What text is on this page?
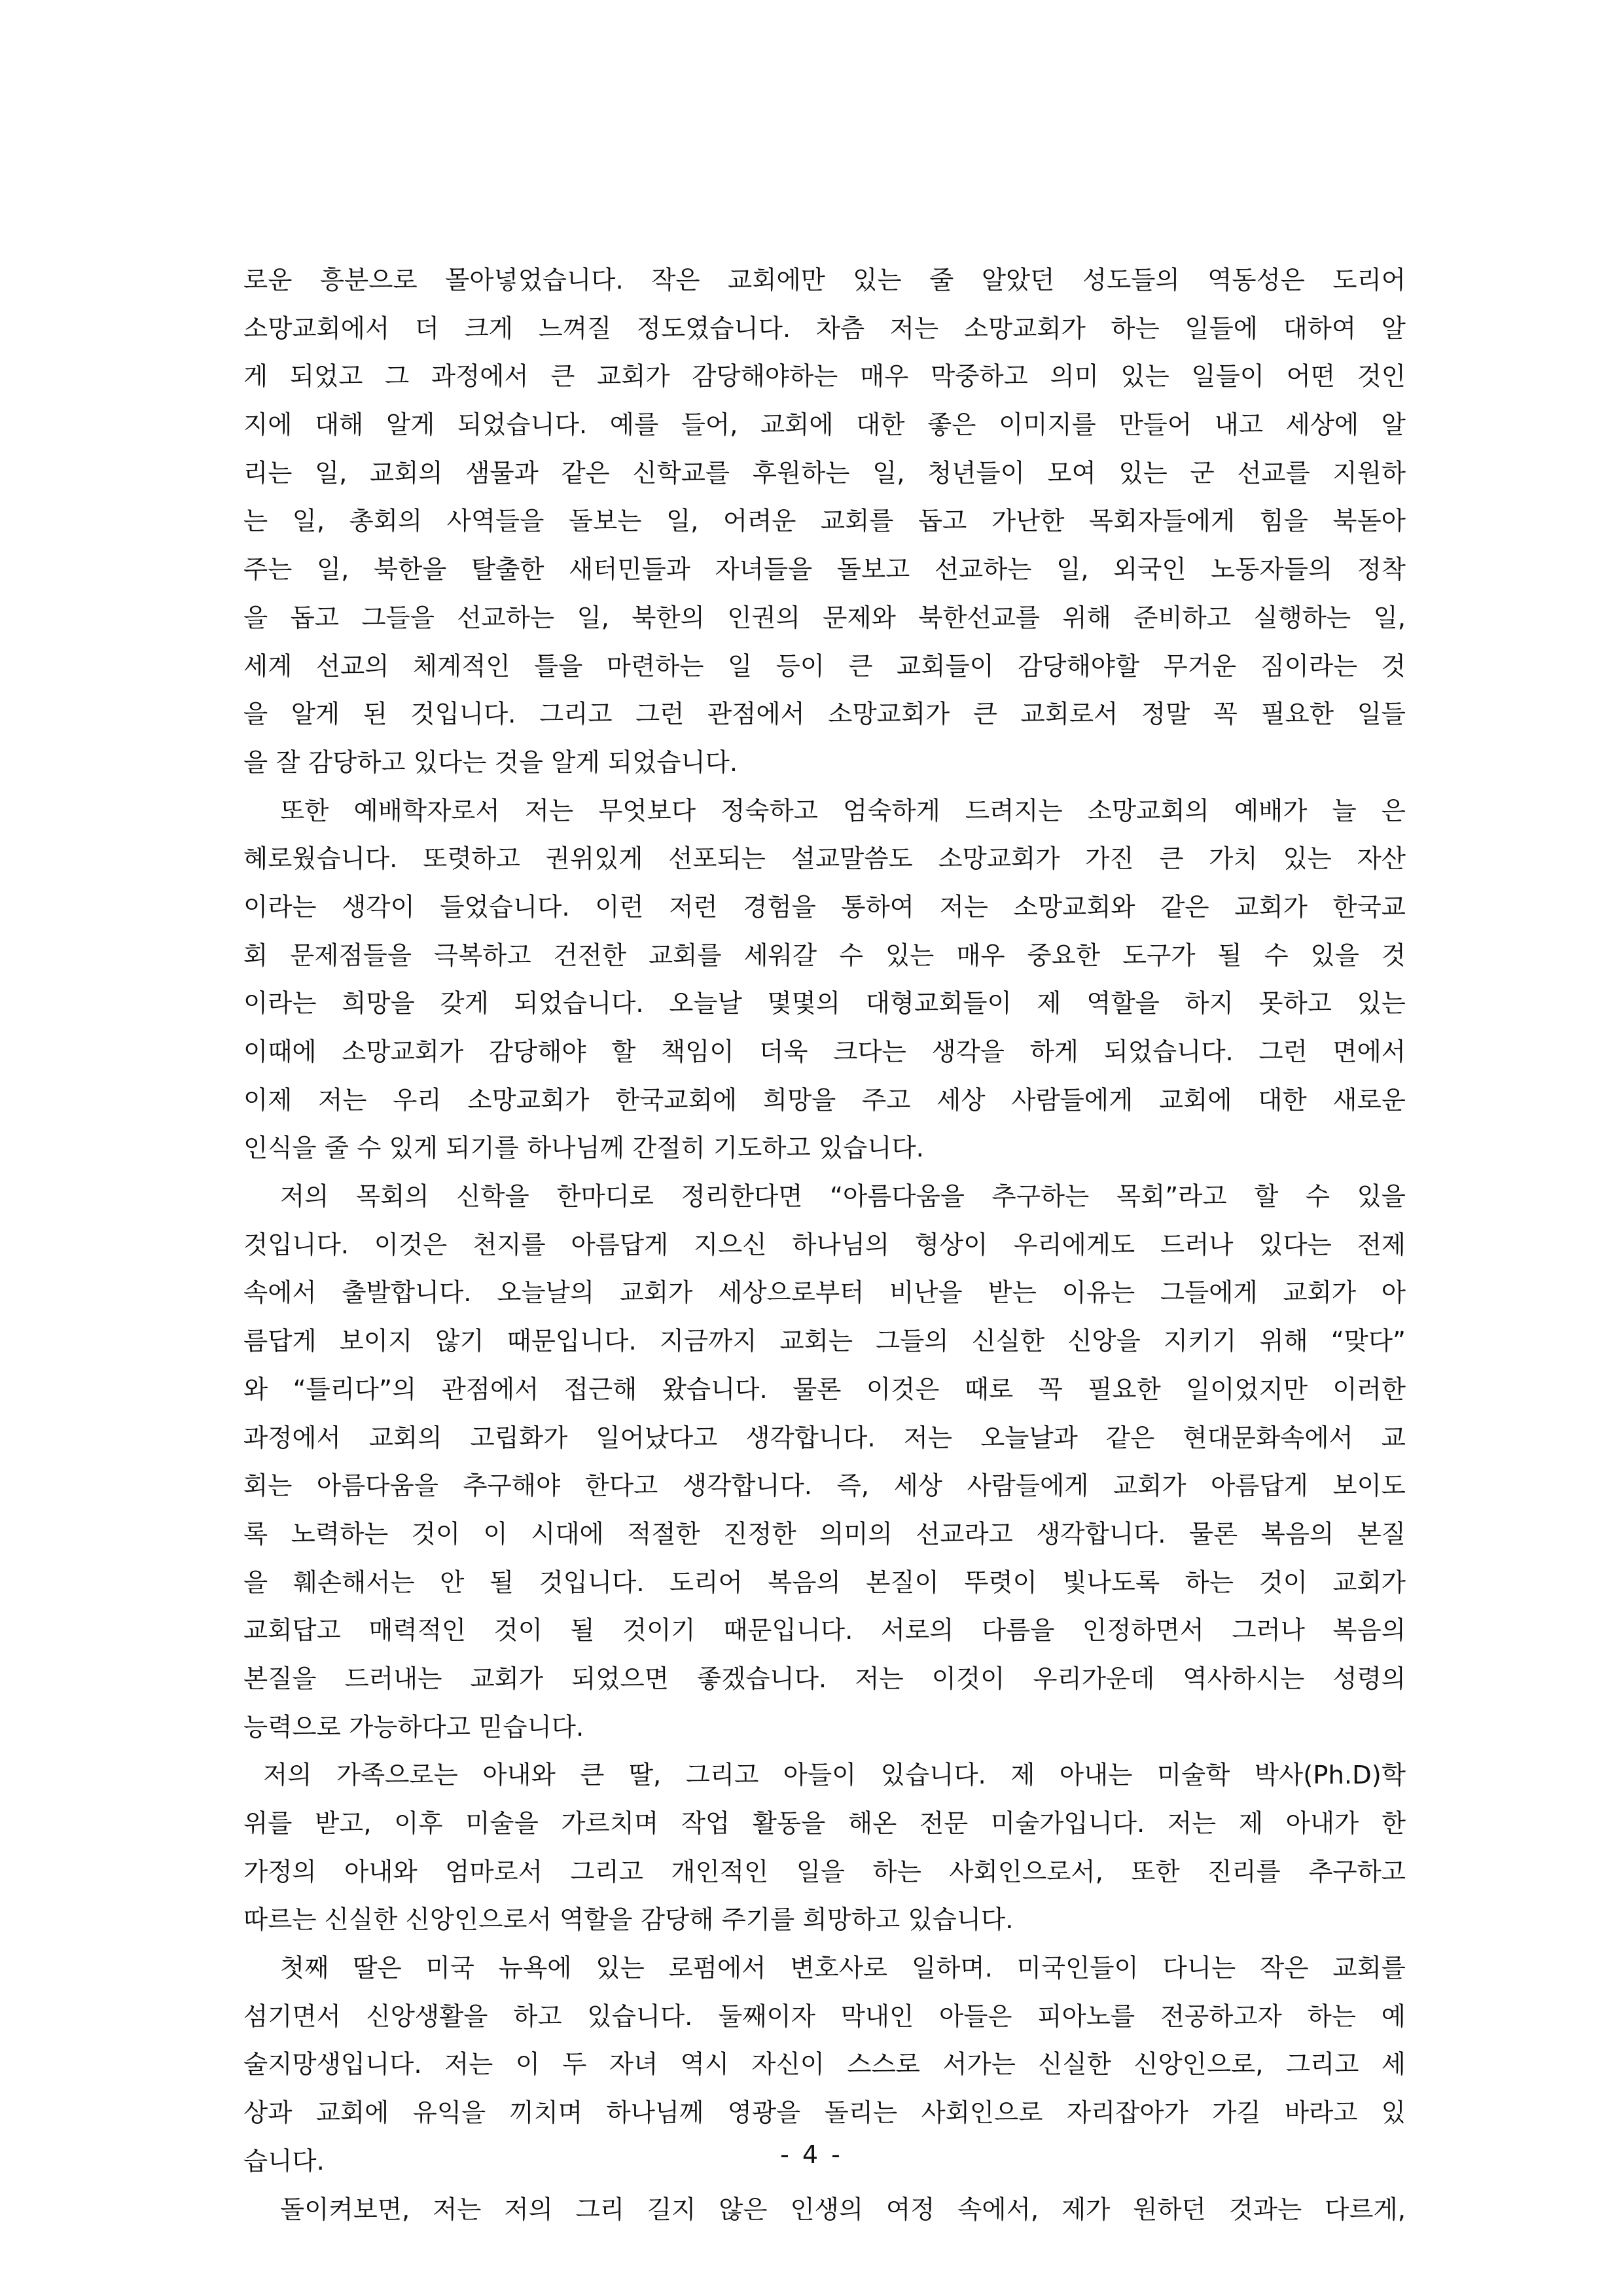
로운 흥분으로 몰아넣었습니다. 작은 교회에만 있는 줄 알았던 성도들의 역동성은 도리어
소망교회에서 더 크게 느껴질 정도였습니다. 차츰 저는 소망교회가 하는 일들에 대하여 알
게 되었고 그 과정에서 큰 교회가 감당해야하는 매우 막중하고 의미 있는 일들이 어떤 것인
지에 대해 알게 되었습니다. 예를 들어, 교회에 대한 좋은 이미지를 만들어 내고 세상에 알
리는 일, 교회의 샘물과 같은 신학교를 후원하는 일, 청년들이 모여 있는 군 선교를 지원하
는 일, 총회의 사역들을 돌보는 일, 어려운 교회를 돕고 가난한 목회자들에게 힘을 북돋아
주는 일, 북한을 탈출한 새터민들과 자녀들을 돌보고 선교하는 일, 외국인 노동자들의 정착
을 돕고 그들을 선교하는 일, 북한의 인권의 문제와 북한선교를 위해 준비하고 실행하는 일,
세계 선교의 체계적인 틀을 마련하는 일 등이 큰 교회들이 감당해야할 무거운 짐이라는 것
을 알게 된 것입니다. 그리고 그런 관점에서 소망교회가 큰 교회로서 정말 꼭 필요한 일들
을 잘 감당하고 있다는 것을 알게 되었습니다.
또한 예배학자로서 저는 무엇보다 정숙하고 엄숙하게 드려지는 소망교회의 예배가 늘 은
혜로웠습니다. 또렷하고 권위있게 선포되는 설교말씀도 소망교회가 가진 큰 가치 있는 자산
이라는 생각이 들었습니다. 이런 저런 경험을 통하여 저는 소망교회와 같은 교회가 한국교
회 문제점들을 극복하고 건전한 교회를 세워갈 수 있는 매우 중요한 도구가 될 수 있을 것
이라는 희망을 갖게 되었습니다. 오늘날 몇몇의 대형교회들이 제 역할을 하지 못하고 있는
이때에 소망교회가 감당해야 할 책임이 더욱 크다는 생각을 하게 되었습니다. 그런 면에서
이제 저는 우리 소망교회가 한국교회에 희망을 주고 세상 사람들에게 교회에 대한 새로운
인식을 줄 수 있게 되기를 하나님께 간절히 기도하고 있습니다.
저의 목회의 신학을 한마디로 정리한다면 “아름다움을 추구하는 목회”라고 할 수 있을
것입니다. 이것은 천지를 아름답게 지으신 하나님의 형상이 우리에게도 드러나 있다는 전제
속에서 출발합니다. 오늘날의 교회가 세상으로부터 비난을 받는 이유는 그들에게 교회가 아
름답게 보이지 않기 때문입니다. 지금까지 교회는 그들의 신실한 신앙을 지키기 위해 “맞다”
와 “틀리다”의 관점에서 접근해 왔습니다. 물론 이것은 때로 꼭 필요한 일이었지만 이러한
과정에서 교회의 고립화가 일어났다고 생각합니다. 저는 오늘날과 같은 현대문화속에서 교
회는 아름다움을 추구해야 한다고 생각합니다. 즉, 세상 사람들에게 교회가 아름답게 보이도
록 노력하는 것이 이 시대에 적절한 진정한 의미의 선교라고 생각합니다. 물론 복음의 본질
을 훼손해서는 안 될 것입니다. 도리어 복음의 본질이 뚜렷이 빛나도록 하는 것이 교회가
교회답고 매력적인 것이 될 것이기 때문입니다. 서로의 다름을 인정하면서 그러나 복음의
본질을 드러내는 교회가 되었으면 좋겠습니다. 저는 이것이 우리가운데 역사하시는 성령의
능력으로 가능하다고 믿습니다.
저의 가족으로는 아내와 큰 딸, 그리고 아들이 있습니다. 제 아내는 미술학 박사(Ph.D)학
위를 받고, 이후 미술을 가르치며 작업 활동을 해온 전문 미술가입니다. 저는 제 아내가 한
가정의 아내와 엄마로서 그리고 개인적인 일을 하는 사회인으로서, 또한 진리를 추구하고
따르는 신실한 신앙인으로서 역할을 감당해 주기를 희망하고 있습니다.
첫째 딸은 미국 뉴욕에 있는 로펌에서 변호사로 일하며. 미국인들이 다니는 작은 교회를
섬기면서 신앙생활을 하고 있습니다. 둘째이자 막내인 아들은 피아노를 전공하고자 하는 예
술지망생입니다. 저는 이 두 자녀 역시 자신이 스스로 서가는 신실한 신앙인으로, 그리고 세
상과 교회에 유익을 끼치며 하나님께 영광을 돌리는 사회인으로 자리잡아가 가길 바라고 있
습니다.
돌이켜보면, 저는 저의 그리 길지 않은 인생의 여정 속에서, 제가 원하던 것과는 다르게,
- 4 -
